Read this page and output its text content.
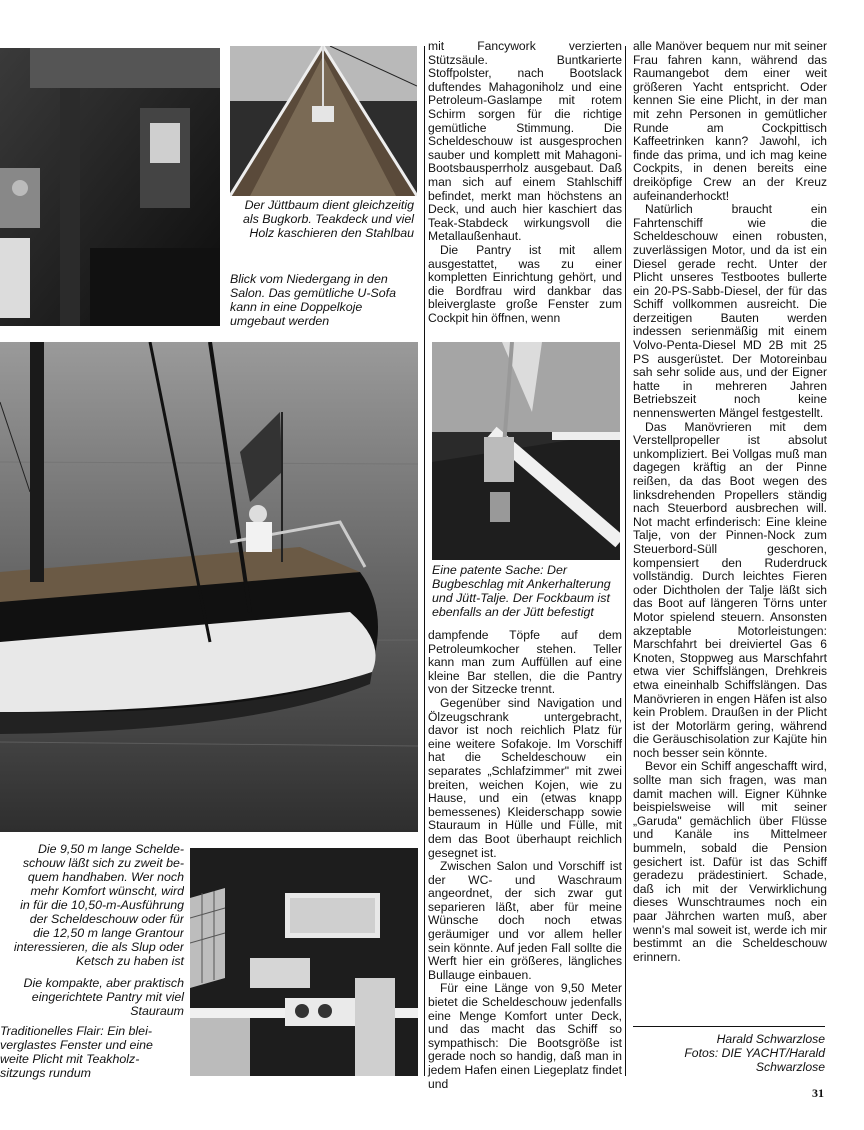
Der Jüttbaum dient gleichzeitig als Bugkorb. Teakdeck und viel Holz kaschieren den Stahlbau
Blick vom Niedergang in den Salon. Das gemütliche U-Sofa kann in eine Doppelkoje umgebaut werden
Eine patente Sache: Der Bugbeschlag mit Ankerhalterung und Jütt-Talje. Der Fockbaum ist ebenfalls an der Jütt befestigt
Die 9,50 m lange Schelde-
schouw läßt sich zu zweit be-
quem handhaben. Wer noch
mehr Komfort wünscht, wird
in für die 10,50-m-Ausführung
der Scheldeschouw oder für
die 12,50 m lange Grantour
interessieren, die als Slup oder
Ketsch zu haben ist
Die kompakte, aber praktisch
eingerichtete Pantry mit viel
Stauraum
Traditionelles Flair: Ein blei-
verglastes Fenster und eine
weite Plicht mit Teakholz-
sitzungs rundum

mit Fancywork verzierten Stützsäule. Buntkarierte Stoffpolster, nach Bootslack duftendes Mahagoniholz und eine Petroleum-Gaslampe mit rotem Schirm sorgen für die richtige gemütliche Stimmung. Die Scheldeschouw ist ausgesprochen sauber und komplett mit Mahagoni-Bootsbausperrholz ausgebaut. Daß man sich auf einem Stahlschiff befindet, merkt man höchstens an Deck, und auch hier kaschiert das Teak-Stabdeck wirkungsvoll die Metallaußenhaut.

Die Pantry ist mit allem ausgestattet, was zu einer kompletten Einrichtung gehört, und die Bordfrau wird dankbar das bleiverglaste große Fenster zum Cockpit hin öffnen, wenn

dampfende Töpfe auf dem Petroleumkocher stehen. Teller kann man zum Auffüllen auf eine kleine Bar stellen, die die Pantry von der Sitzecke trennt.

Gegenüber sind Navigation und Ölzeugschrank untergebracht, davor ist noch reichlich Platz für eine weitere Sofakoje. Im Vorschiff hat die Scheldeschouw ein separates „Schlafzimmer" mit zwei breiten, weichen Kojen, wie zu Hause, und ein (etwas knapp bemessenes) Kleiderschapp sowie Stauraum in Hülle und Fülle, mit dem das Boot überhaupt reichlich gesegnet ist.

Zwischen Salon und Vorschiff ist der WC- und Waschraum angeordnet, der sich zwar gut separieren läßt, aber für meine Wünsche doch noch etwas geräumiger und vor allem heller sein könnte. Auf jeden Fall sollte die Werft hier ein größeres, längliches Bullauge einbauen.

Für eine Länge von 9,50 Meter bietet die Scheldeschouw jedenfalls eine Menge Komfort unter Deck, und das macht das Schiff so sympathisch: Die Bootsgröße ist gerade noch so handig, daß man in jedem Hafen einen Liegeplatz findet und

alle Manöver bequem nur mit seiner Frau fahren kann, während das Raumangebot dem einer weit größeren Yacht entspricht. Oder kennen Sie eine Plicht, in der man mit zehn Personen in gemütlicher Runde am Cockpittisch Kaffeetrinken kann? Jawohl, ich finde das prima, und ich mag keine Cockpits, in denen bereits eine dreiköpfige Crew an der Kreuz aufeinanderhockt!

Natürlich braucht ein Fahrtenschiff wie die Scheldeschouw einen robusten, zuverlässigen Motor, und da ist ein Diesel gerade recht. Unter der Plicht unseres Testbootes bullerte ein 20-PS-Sabb-Diesel, der für das Schiff vollkommen ausreicht. Die derzeitigen Bauten werden indessen serienmäßig mit einem Volvo-Penta-Diesel MD 2B mit 25 PS ausgerüstet. Der Motoreinbau sah sehr solide aus, und der Eigner hatte in mehreren Jahren Betriebszeit noch keine nennenswerten Mängel festgestellt.

Das Manövrieren mit dem Verstellpropeller ist absolut unkompliziert. Bei Vollgas muß man dagegen kräftig an der Pinne reißen, da das Boot wegen des linksdrehenden Propellers ständig nach Steuerbord ausbrechen will. Not macht erfinderisch: Eine kleine Talje, von der Pinnen-Nock zum Steuerbord-Süll geschoren, kompensiert den Ruderdruck vollständig. Durch leichtes Fieren oder Dichtholen der Talje läßt sich das Boot auf längeren Törns unter Motor spielend steuern. Ansonsten akzeptable Motorleistungen: Marschfahrt bei dreiviertel Gas 6 Knoten, Stoppweg aus Marschfahrt etwa vier Schiffslängen, Drehkreis etwa eineinhalb Schiffslängen. Das Manövrieren in engen Häfen ist also kein Problem. Draußen in der Plicht ist der Motorlärm gering, während die Geräuschisolation zur Kajüte hin noch besser sein könnte.

Bevor ein Schiff angeschafft wird, sollte man sich fragen, was man damit machen will. Eigner Kühnke beispielsweise will mit seiner „Garuda" gemächlich über Flüsse und Kanäle ins Mittelmeer bummeln, sobald die Pension gesichert ist. Dafür ist das Schiff geradezu prädestiniert. Schade, daß ich mit der Verwirklichung dieses Wunschtraumes noch ein paar Jährchen warten muß, aber wenn's mal soweit ist, werde ich mir bestimmt an die Scheldeschouw erinnern.

Harald Schwarzlose
Fotos: DIE YACHT/Harald
Schwarzlose
31
